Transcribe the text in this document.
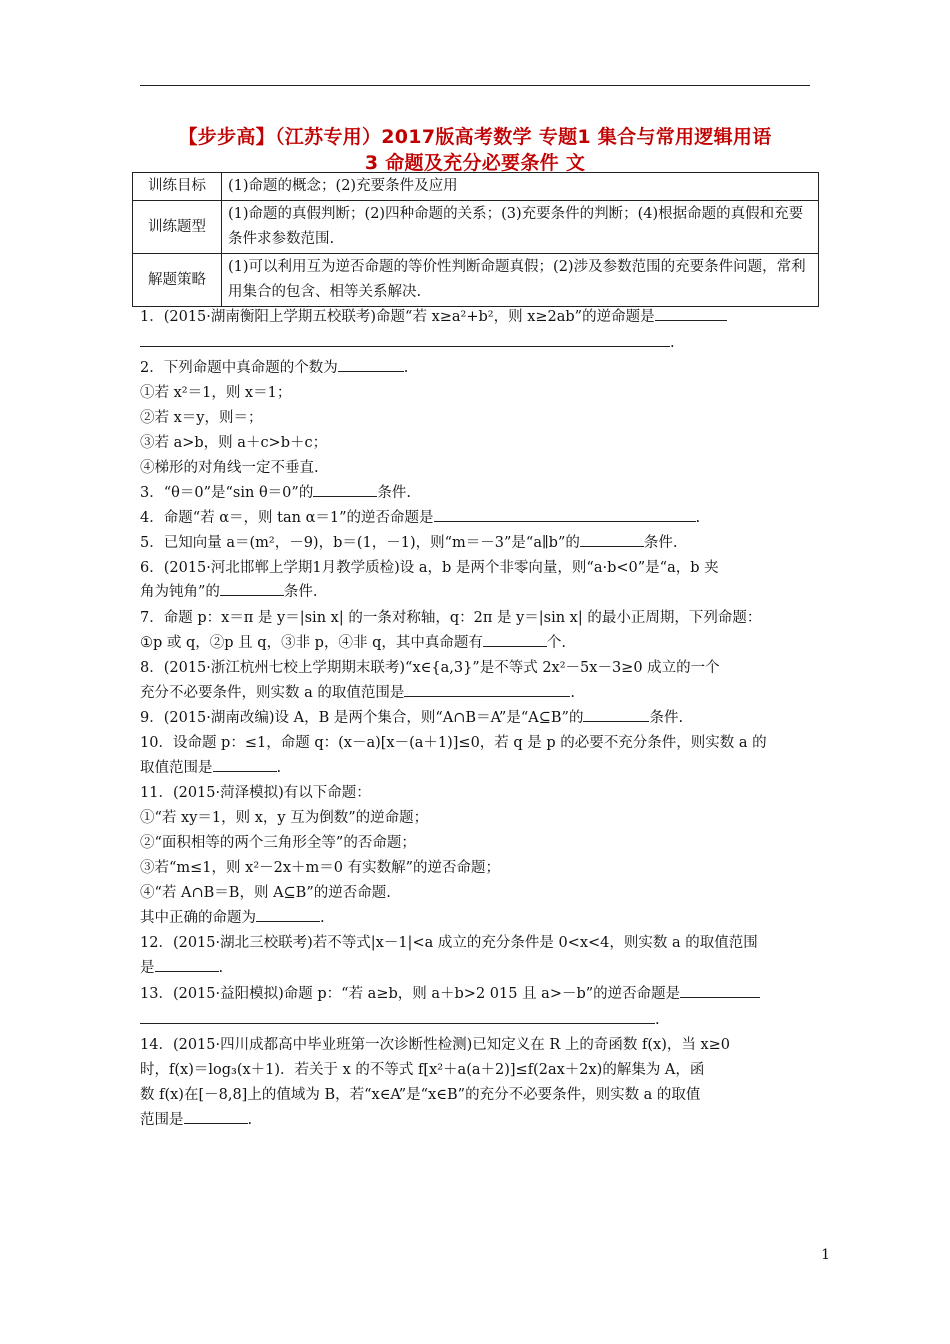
【步步高】（江苏专用）2017版高考数学 专题1 集合与常用逻辑用语
3 命题及充分必要条件 文
训练目标	(1)命题的概念；(2)充要条件及应用
训练题型	(1)命题的真假判断；(2)四种命题的关系；(3)充要条件的判断；(4)根据命题的真假和充要条件求参数范围.
解题策略	(1)可以利用互为逆否命题的等价性判断命题真假；(2)涉及参数范围的充要条件问题，常利用集合的包含、相等关系解决.
1．(2015·湖南衡阳上学期五校联考)命题“若 x≥a²+b²，则 x≥2ab”的逆命题是
.
2．下列命题中真命题的个数为	.
①若 x²＝1，则 x＝1；
②若 x＝y，则＝；
③若 a>b，则 a＋c>b＋c；
④梯形的对角线一定不垂直.
3．“θ＝0”是“sin θ＝0”的	条件.
4．命题“若 α＝，则 tan α＝1”的逆否命题是	.
5．已知向量 a＝(m²，－9)，b＝(1，－1)，则“m＝－3”是“a∥b”的	条件.
6．(2015·河北邯郸上学期1月教学质检)设 a，b 是两个非零向量，则“a·b<0”是“a，b 夹
角为钝角”的	条件.
7．命题 p：x＝π 是 y＝|sin x| 的一条对称轴，q：2π 是 y＝|sin x| 的最小正周期，下列命题：
①p 或 q，②p 且 q，③非 p，④非 q，其中真命题有	个.
8．(2015·浙江杭州七校上学期期末联考)“x∈{a,3}”是不等式 2x²－5x－3≥0 成立的一个
充分不必要条件，则实数 a 的取值范围是	.
9．(2015·湖南改编)设 A，B 是两个集合，则“A∩B＝A”是“A⊆B”的	条件.
10．设命题 p：≤1，命题 q：(x－a)[x－(a＋1)]≤0，若 q 是 p 的必要不充分条件，则实数 a 的
取值范围是	.
11．(2015·菏泽模拟)有以下命题：
①“若 xy＝1，则 x，y 互为倒数”的逆命题；
②“面积相等的两个三角形全等”的否命题；
③若“m≤1，则 x²－2x＋m＝0 有实数解”的逆否命题；
④“若 A∩B＝B，则 A⊆B”的逆否命题.
其中正确的命题为	.
12．(2015·湖北三校联考)若不等式|x－1|<a 成立的充分条件是 0<x<4，则实数 a 的取值范围
是	.
13．(2015·益阳模拟)命题 p：“若 a≥b，则 a＋b>2 015 且 a>－b”的逆否命题是
.
14．(2015·四川成都高中毕业班第一次诊断性检测)已知定义在 R 上的奇函数 f(x)，当 x≥0
时，f(x)＝log₃(x＋1)．若关于 x 的不等式 f[x²＋a(a＋2)]≤f(2ax＋2x)的解集为 A，函
数 f(x)在[－8,8]上的值域为 B，若“x∈A”是“x∈B”的充分不必要条件，则实数 a 的取值
范围是	.
1
